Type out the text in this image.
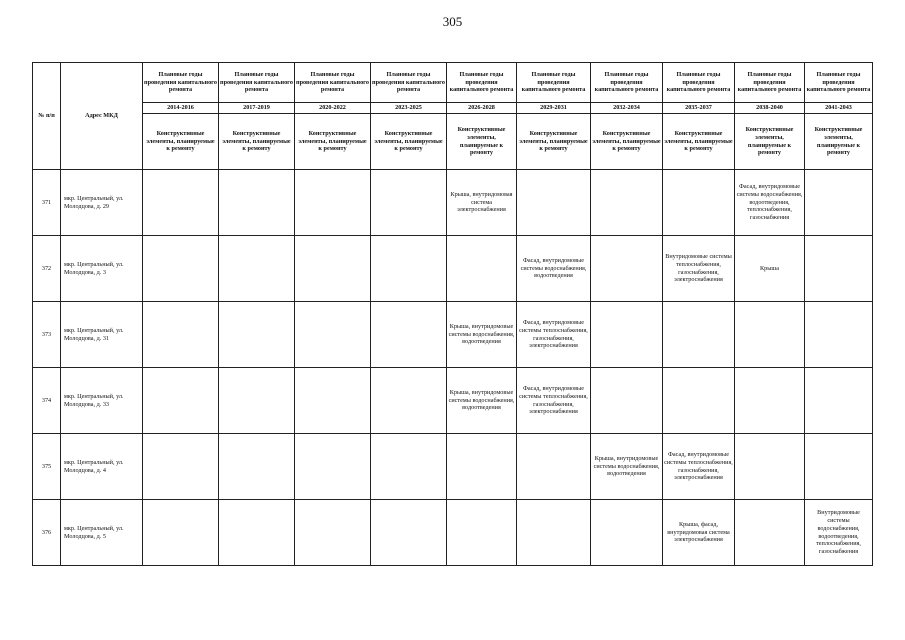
305
№ п/п	Адрес МКД	Плановые годы проведения капитального ремонта	Плановые годы проведения капитального ремонта	Плановые годы проведения капитального ремонта	Плановые годы проведения капитального ремонта	Плановые годы проведения капитального ремонта	Плановые годы проведения капитального ремонта	Плановые годы проведения капитального ремонта	Плановые годы проведения капитального ремонта	Плановые годы проведения капитального ремонта	Плановые годы проведения капитального ремонта
		2014-2016	2017-2019	2020-2022	2023-2025	2026-2028	2029-2031	2032-2034	2035-2037	2038-2040	2041-2043
		Конструктивные элементы, планируемые к ремонту	Конструктивные элементы, планируемые к ремонту	Конструктивные элементы, планируемые к ремонту	Конструктивные элементы, планируемые к ремонту	Конструктивные элементы, планируемые к ремонту	Конструктивные элементы, планируемые к ремонту	Конструктивные элементы, планируемые к ремонту	Конструктивные элементы, планируемые к ремонту	Конструктивные элементы, планируемые к ремонту	Конструктивные элементы, планируемые к ремонту
371	мкр. Центральный, ул. Молодцова, д. 29					Крыша, внутридомовая система электроснабжения				Фасад, внутридомовые системы водоснабжения, водоотведения, теплоснабжения, газоснабжения	
372	мкр. Центральный, ул. Молодцова, д. 3						Фасад, внутридомовые системы водоснабжения, водоотведения		Внутридомовые системы теплоснабжения, газоснабжения, электроснабжения	Крыша	
373	мкр. Центральный, ул. Молодцова, д. 31					Крыша, внутридомовые системы водоснабжения, водоотведения	Фасад, внутридомовые системы теплоснабжения, газоснабжения, электроснабжения				
374	мкр. Центральный, ул. Молодцова, д. 33					Крыша, внутридомовые системы водоснабжения, водоотведения	Фасад, внутридомовые системы теплоснабжения, газоснабжения, электроснабжения				
375	мкр. Центральный, ул. Молодцова, д. 4							Крыша, внутридомовые системы водоснабжения, водоотведения	Фасад, внутридомовые системы теплоснабжения, газоснабжения, электроснабжения		
376	мкр. Центральный, ул. Молодцова, д. 5								Крыша, фасад, внутридомовая система электроснабжения		Внутридомовые системы водоснабжения, водоотведения, теплоснабжения, газоснабжения
